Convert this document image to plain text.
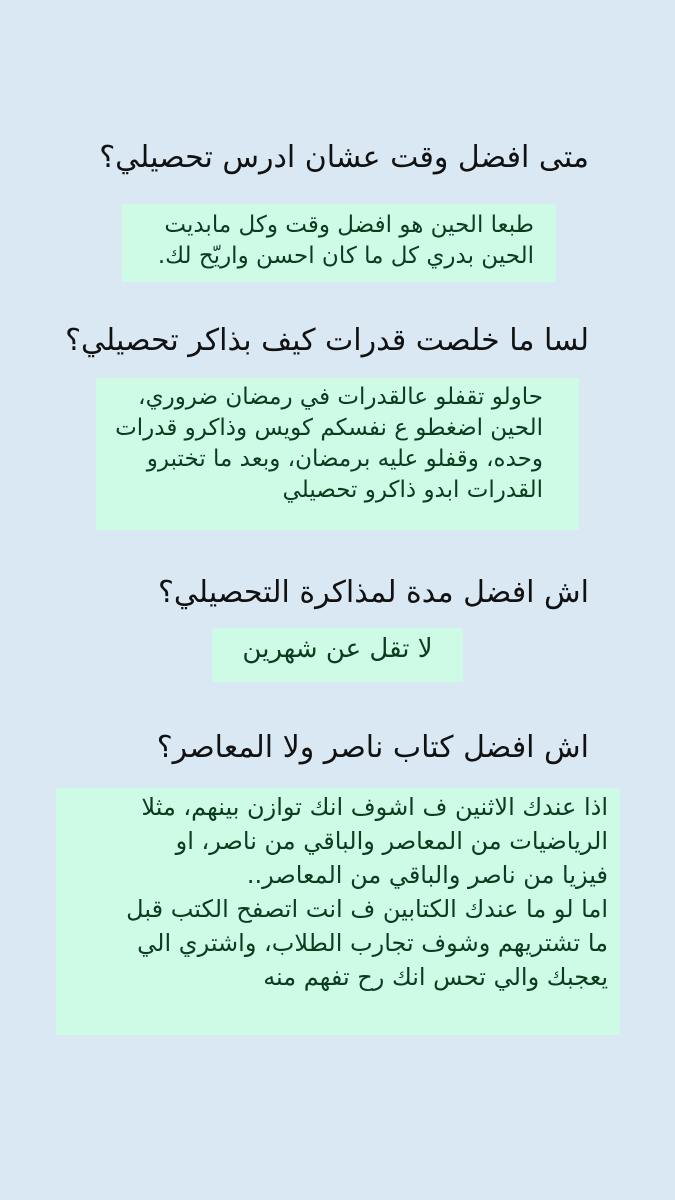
متى افضل وقت عشان ادرس تحصيلي؟
طبعا الحين هو افضل وقت وكل مابديت
الحين بدري كل ما كان احسن واريّح لك.
لسا ما خلصت قدرات كيف بذاكر تحصيلي؟
حاولو تقفلو عالقدرات في رمضان ضروري،
الحين اضغطو ع نفسكم كويس وذاكرو قدرات
وحده، وقفلو عليه برمضان، وبعد ما تختبرو
القدرات ابدو ذاكرو تحصيلي
اش افضل مدة لمذاكرة التحصيلي؟
لا تقل عن شهرين
اش افضل كتاب ناصر ولا المعاصر؟
اذا عندك الاثنين ف اشوف انك توازن بينهم، مثلا
الرياضيات من المعاصر والباقي من ناصر، او
فيزيا من ناصر والباقي من المعاصر..
اما لو ما عندك الكتابين ف انت اتصفح الكتب قبل
ما تشتريهم وشوف تجارب الطلاب، واشتري الي
يعجبك والي تحس انك رح تفهم منه
